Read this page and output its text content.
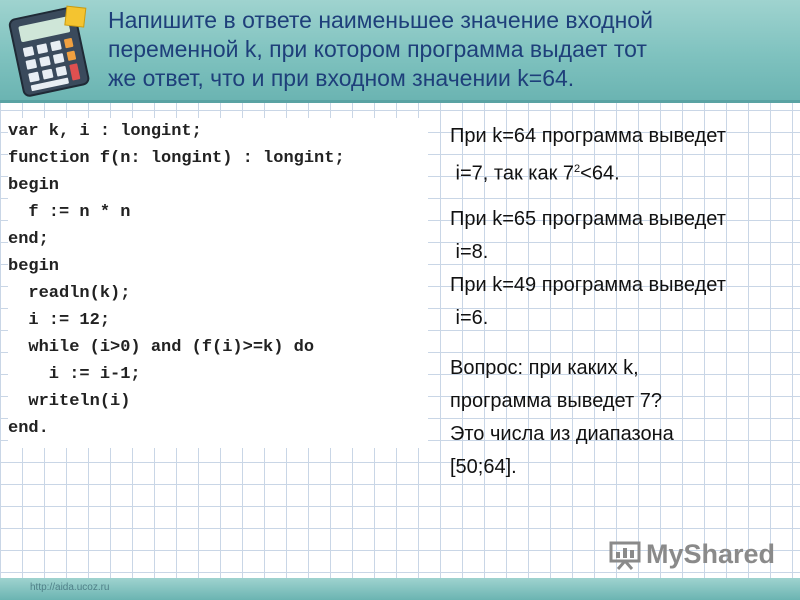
Напишите в ответе наименьшее значение входной
переменной k, при котором программа выдает тот
же ответ, что и при входном значении k=64.
var k, i : longint;
function f(n: longint) : longint;
begin
f := n * n
end;
begin
readln(k);
i := 12;
while (i>0) and (f(i)>=k) do
i := i-1;
writeln(i)
end.
При k=64 программа выведет
i=7, так как $7^2<64$.
При k=65 программа выведет
i=8.
При k=49 программа выведет
i=6.
Вопрос: при каких k,
программа выведет 7?
Это числа из диапазона
[50;64].
MyShared
http://aida.ucoz.ru
